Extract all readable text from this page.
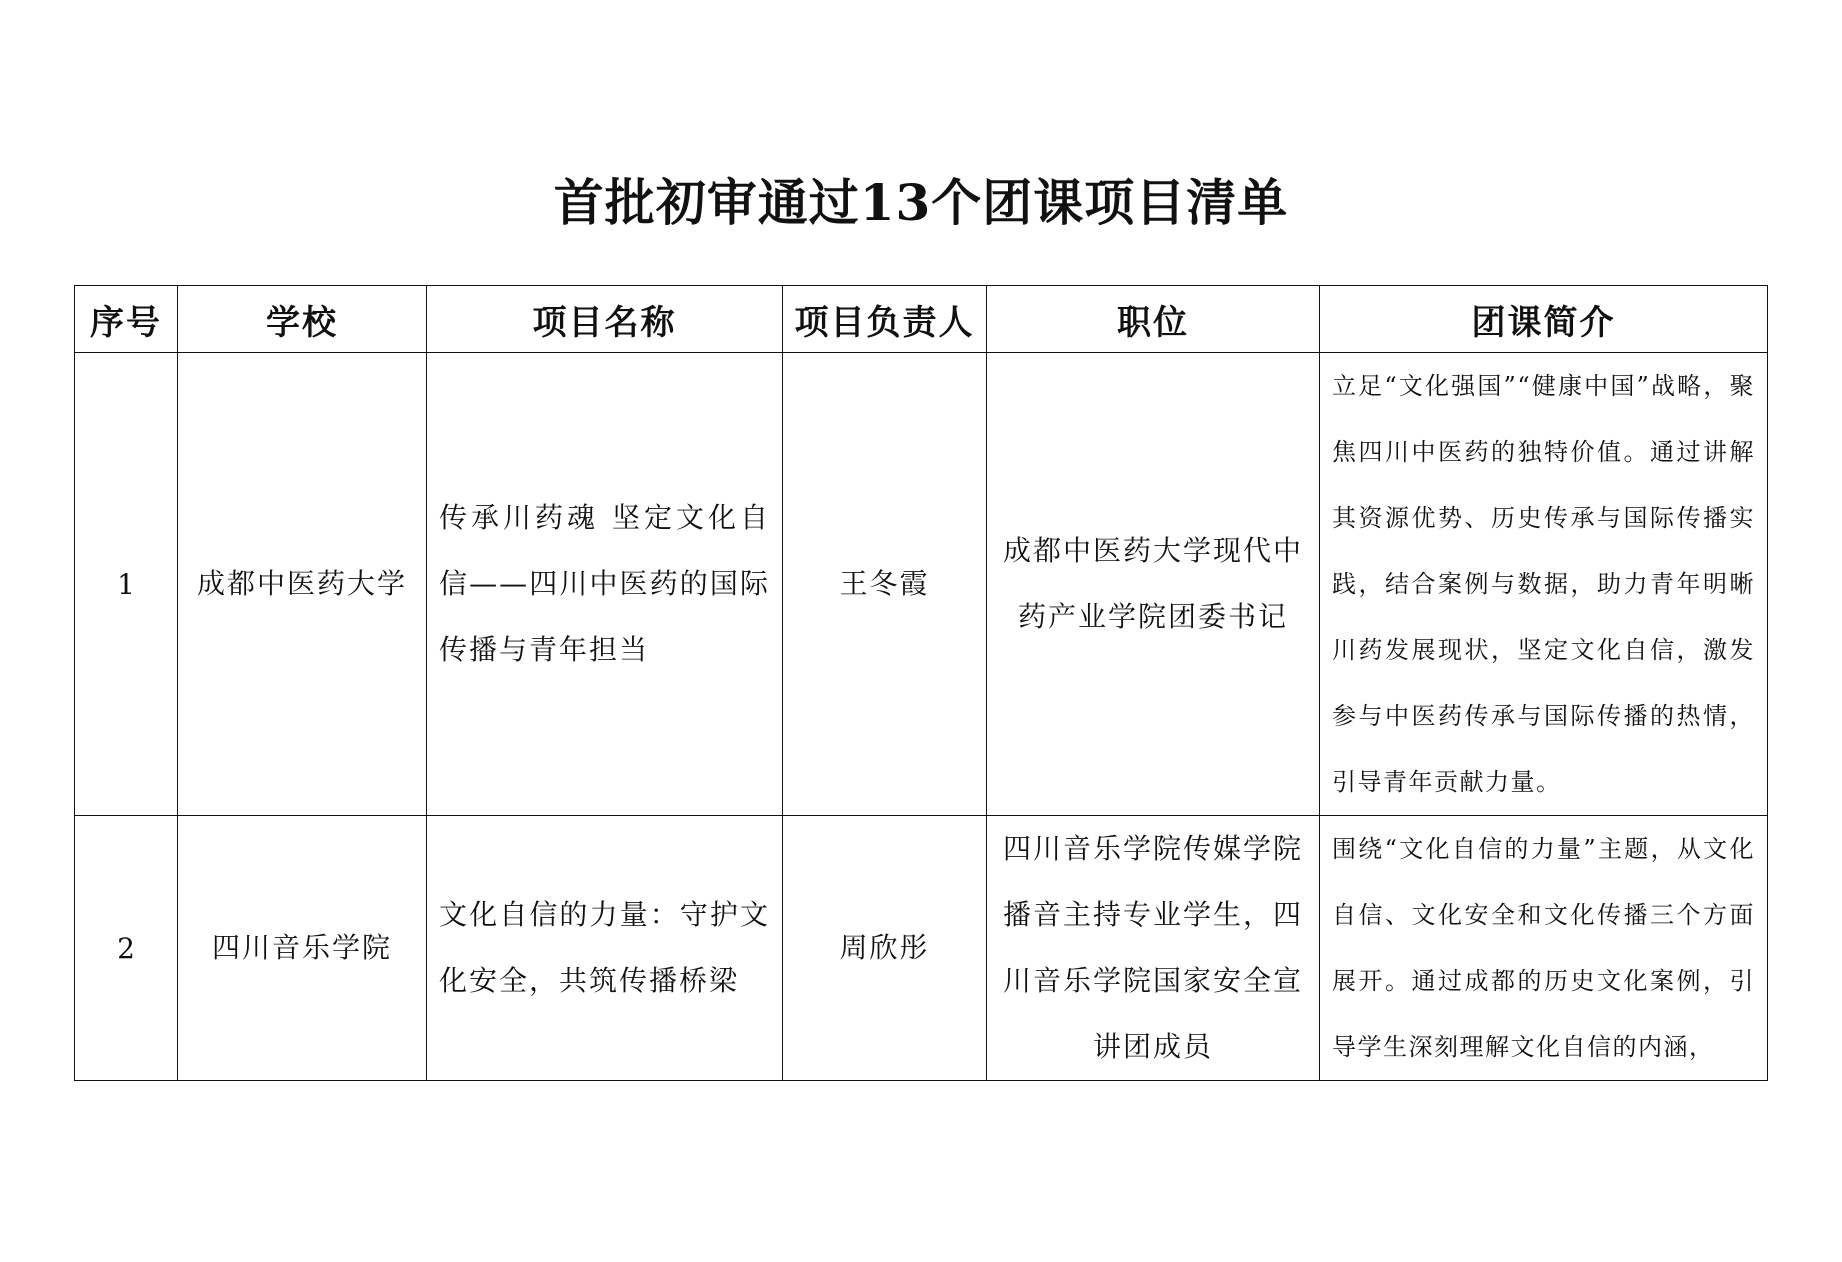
首批初审通过13个团课项目清单
序号	学校	项目名称	项目负责人	职位	团课简介
1	成都中医药大学	传承川药魂 坚定文化自信——四川中医药的国际传播与青年担当	王冬霞	成都中医药大学现代中药产业学院团委书记	立足“文化强国”“健康中国”战略，聚焦四川中医药的独特价值。通过讲解其资源优势、历史传承与国际传播实践，结合案例与数据，助力青年明晰川药发展现状，坚定文化自信，激发参与中医药传承与国际传播的热情，引导青年贡献力量。

2	四川音乐学院	文化自信的力量：守护文化安全，共筑传播桥梁	周欣彤	四川音乐学院传媒学院播音主持专业学生，四川音乐学院国家安全宣讲团成员	围绕“文化自信的力量”主题，从文化自信、文化安全和文化传播三个方面展开。通过成都的历史文化案例，引导学生深刻理解文化自信的内涵，
